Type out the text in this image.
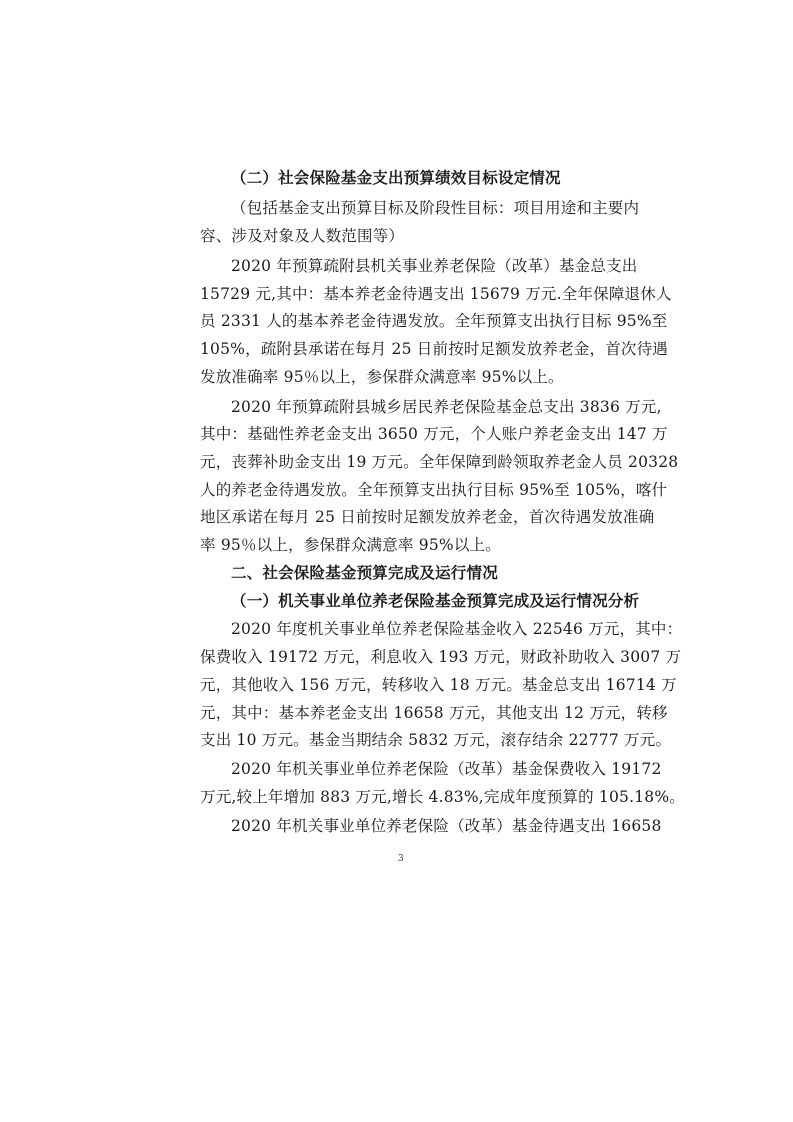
（二）社会保险基金支出预算绩效目标设定情况
（包括基金支出预算目标及阶段性目标：项目用途和主要内
容、涉及对象及人数范围等）
2020 年预算疏附县机关事业养老保险（改革）基金总支出
15729 元,其中：基本养老金待遇支出 15679 万元.全年保障退休人
员 2331 人的基本养老金待遇发放。全年预算支出执行目标 95%至
105%，疏附县承诺在每月 25 日前按时足额发放养老金，首次待遇
发放准确率 95％以上，参保群众满意率 95%以上。
2020 年预算疏附县城乡居民养老保险基金总支出 3836 万元,
其中：基础性养老金支出 3650 万元，个人账户养老金支出 147 万
元，丧葬补助金支出 19 万元。全年保障到龄领取养老金人员 20328
人的养老金待遇发放。全年预算支出执行目标 95%至 105%，喀什
地区承诺在每月 25 日前按时足额发放养老金，首次待遇发放准确
率 95％以上，参保群众满意率 95%以上。
二、社会保险基金预算完成及运行情况
（一）机关事业单位养老保险基金预算完成及运行情况分析
2020 年度机关事业单位养老保险基金收入 22546 万元，其中：
保费收入 19172 万元，利息收入 193 万元，财政补助收入 3007 万
元，其他收入 156 万元，转移收入 18 万元。基金总支出 16714 万
元，其中：基本养老金支出 16658 万元，其他支出 12 万元，转移
支出 10 万元。基金当期结余 5832 万元，滚存结余 22777 万元。
2020 年机关事业单位养老保险（改革）基金保费收入 19172
万元,较上年增加 883 万元,增长 4.83%,完成年度预算的 105.18%。
2020 年机关事业单位养老保险（改革）基金待遇支出 16658
3
